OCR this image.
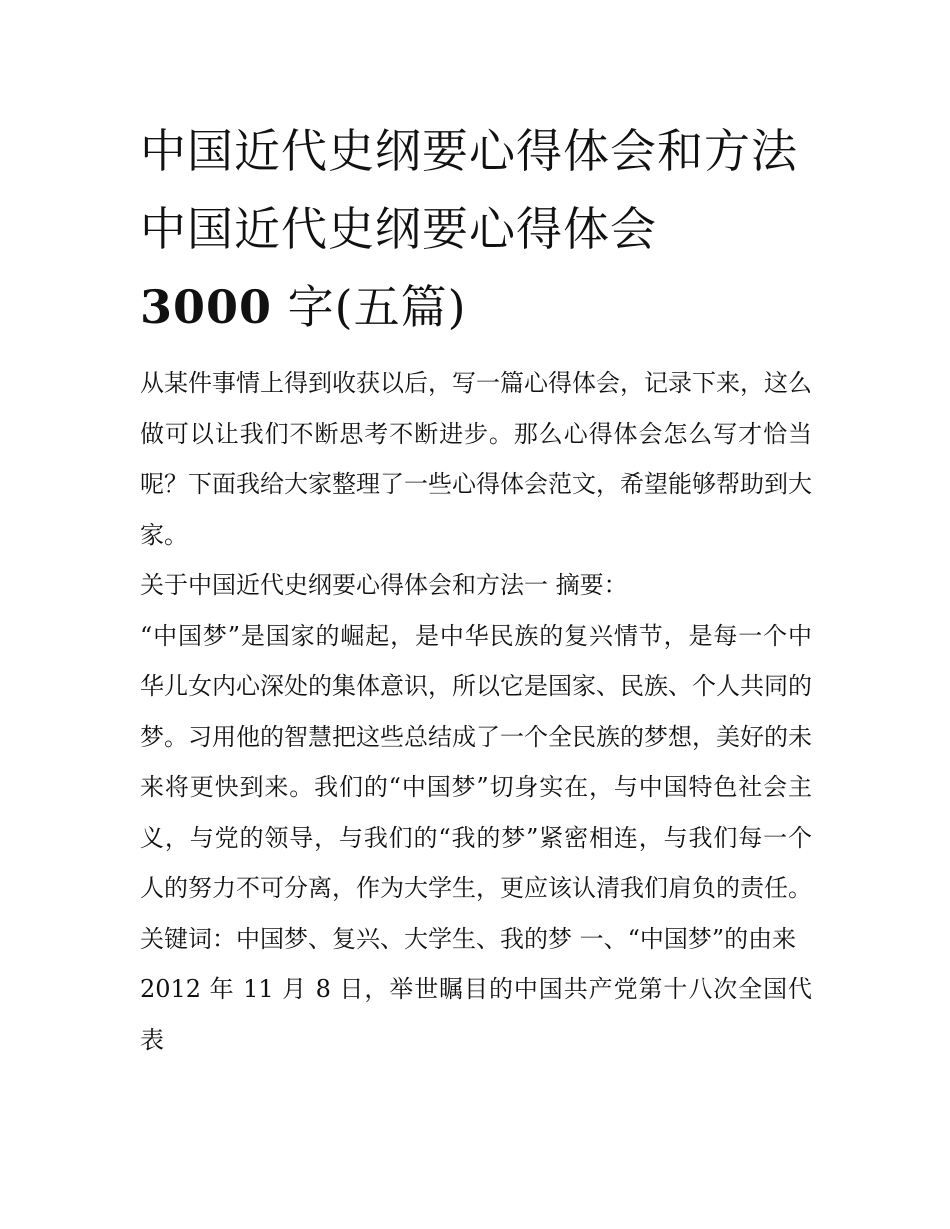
中国近代史纲要心得体会和方法 中国近代史纲要心得体会
3000 字(五篇)

从某件事情上得到收获以后，写一篇心得体会，记录下来，这么做可以让我们不断思考不断进步。那么心得体会怎么写才恰当呢？下面我给大家整理了一些心得体会范文，希望能够帮助到大家。

关于中国近代史纲要心得体会和方法一 摘要：

“中国梦”是国家的崛起，是中华民族的复兴情节，是每一个中华儿女内心深处的集体意识，所以它是国家、民族、个人共同的梦。习用他的智慧把这些总结成了一个全民族的梦想，美好的未来将更快到来。我们的“中国梦”切身实在，与中国特色社会主义，与党的领导，与我们的“我的梦”紧密相连，与我们每一个人的努力不可分离，作为大学生，更应该认清我们肩负的责任。

关键词：中国梦、复兴、大学生、我的梦 一、“中国梦”的由来

2012 年 11 月 8 日，举世瞩目的中国共产党第十八次全国代表
